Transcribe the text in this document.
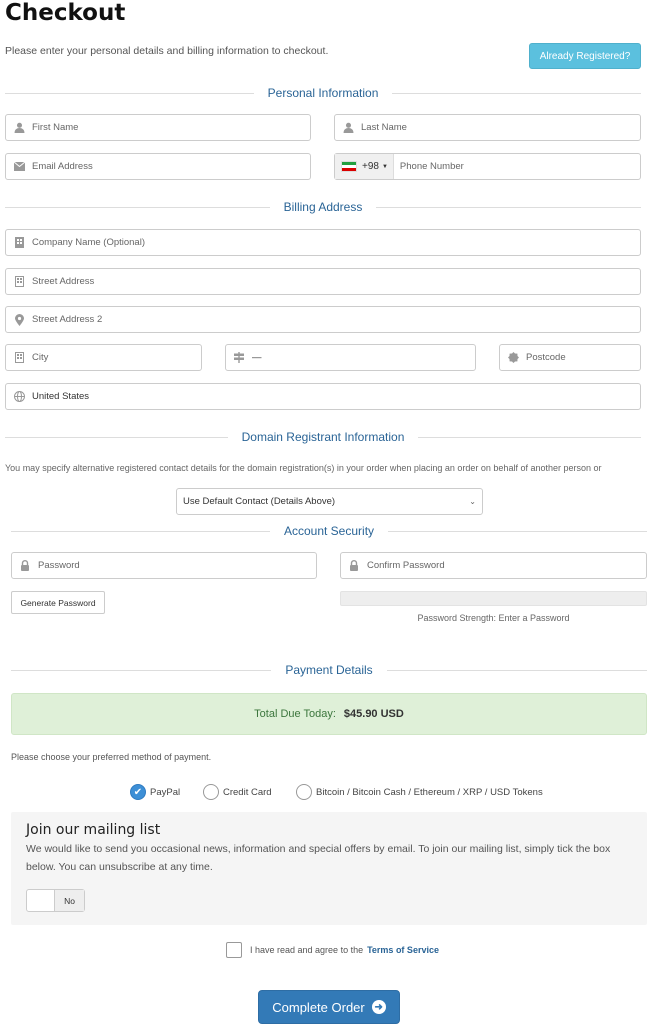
Checkout
Please enter your personal details and billing information to checkout.	Already Registered?
Personal Information
First Name	Last Name
Email Address	+98 ▼ Phone Number
Billing Address
Company Name (Optional)
Street Address
Street Address 2
City	—	Postcode
United States
Domain Registrant Information
You may specify alternative registered contact details for the domain registration(s) in your order when placing an order on behalf of another person or
Use Default Contact (Details Above)	⌄
Account Security
Password	Confirm Password
Generate Password
Password Strength: Enter a Password
Payment Details
Total Due Today: $45.90 USD
Please choose your preferred method of payment.
✔ PayPal	Credit Card	Bitcoin / Bitcoin Cash / Ethereum / XRP / USD Tokens
Join our mailing list

We would like to send you occasional news, information and special offers by email. To join our mailing list, simply tick the box below. You can unsubscribe at any time.

No
I have read and agree to the Terms of Service
Complete Order ➜
